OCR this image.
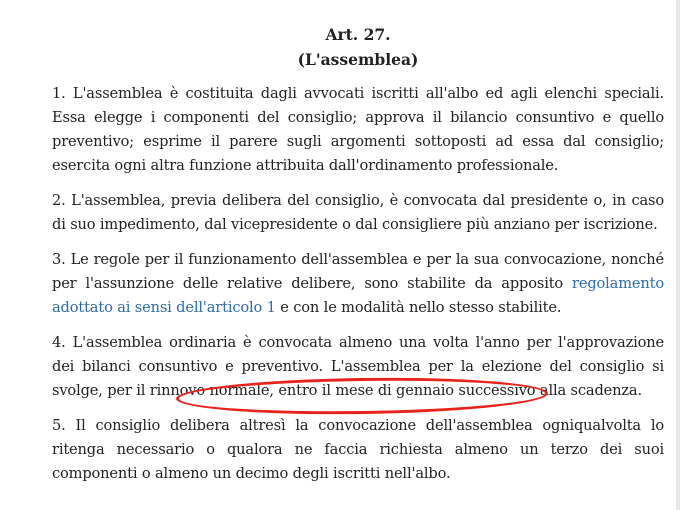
Art. 27.
(L'assemblea)

1. L'assemblea è costituita dagli avvocati iscritti all'albo ed agli elenchi speciali. Essa elegge i componenti del consiglio; approva il bilancio consuntivo e quello preventivo; esprime il parere sugli argomenti sottoposti ad essa dal consiglio; esercita ogni altra funzione attribuita dall'ordinamento professionale.

2. L'assemblea, previa delibera del consiglio, è convocata dal presidente o, in caso di suo impedimento, dal vicepresidente o dal consigliere più anziano per iscrizione.

3. Le regole per il funzionamento dell'assemblea e per la sua convocazione, nonché per l'assunzione delle relative delibere, sono stabilite da apposito regolamento adottato ai sensi dell'articolo 1 e con le modalità nello stesso stabilite.

4. L'assemblea ordinaria è convocata almeno una volta l'anno per l'approvazione dei bilanci consuntivo e preventivo. L'assemblea per la elezione del consiglio si svolge, per il rinnovo normale, entro il mese di gennaio successivo alla scadenza.

5. Il consiglio delibera altresì la convocazione dell'assemblea ogniqualvolta lo ritenga necessario o qualora ne faccia richiesta almeno un terzo dei suoi componenti o almeno un decimo degli iscritti nell'albo.
